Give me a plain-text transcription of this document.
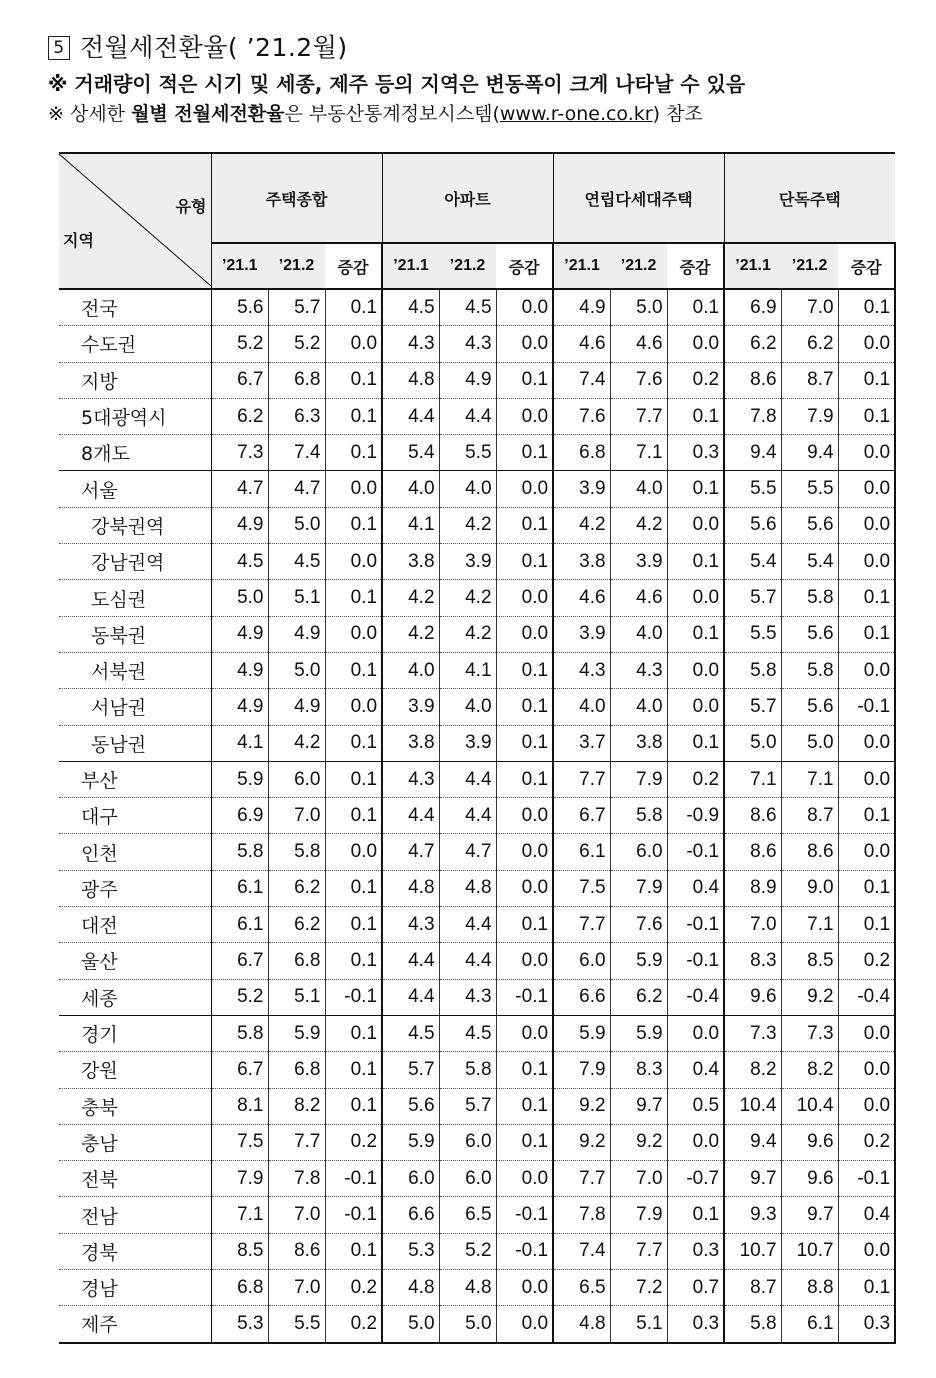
5 전월세전환율( ’21.2월)
※ 거래량이 적은 시기 및 세종, 제주 등의 지역은 변동폭이 크게 나타날 수 있음
※ 상세한 월별 전월세전환율은 부동산통계정보시스템(www.r-one.co.kr) 참조
유형
지역	주택종합			아파트			연립다세대주택			단독주택		
	’21.1	’21.2	증감	’21.1	’21.2	증감	’21.1	’21.2	증감	’21.1	’21.2	증감
전국	5.6	5.7	0.1	4.5	4.5	0.0	4.9	5.0	0.1	6.9	7.0	0.1
수도권	5.2	5.2	0.0	4.3	4.3	0.0	4.6	4.6	0.0	6.2	6.2	0.0
지방	6.7	6.8	0.1	4.8	4.9	0.1	7.4	7.6	0.2	8.6	8.7	0.1
5대광역시	6.2	6.3	0.1	4.4	4.4	0.0	7.6	7.7	0.1	7.8	7.9	0.1
8개도	7.3	7.4	0.1	5.4	5.5	0.1	6.8	7.1	0.3	9.4	9.4	0.0
서울	4.7	4.7	0.0	4.0	4.0	0.0	3.9	4.0	0.1	5.5	5.5	0.0
강북권역	4.9	5.0	0.1	4.1	4.2	0.1	4.2	4.2	0.0	5.6	5.6	0.0
강남권역	4.5	4.5	0.0	3.8	3.9	0.1	3.8	3.9	0.1	5.4	5.4	0.0
도심권	5.0	5.1	0.1	4.2	4.2	0.0	4.6	4.6	0.0	5.7	5.8	0.1
동북권	4.9	4.9	0.0	4.2	4.2	0.0	3.9	4.0	0.1	5.5	5.6	0.1
서북권	4.9	5.0	0.1	4.0	4.1	0.1	4.3	4.3	0.0	5.8	5.8	0.0
서남권	4.9	4.9	0.0	3.9	4.0	0.1	4.0	4.0	0.0	5.7	5.6	-0.1
동남권	4.1	4.2	0.1	3.8	3.9	0.1	3.7	3.8	0.1	5.0	5.0	0.0
부산	5.9	6.0	0.1	4.3	4.4	0.1	7.7	7.9	0.2	7.1	7.1	0.0
대구	6.9	7.0	0.1	4.4	4.4	0.0	6.7	5.8	-0.9	8.6	8.7	0.1
인천	5.8	5.8	0.0	4.7	4.7	0.0	6.1	6.0	-0.1	8.6	8.6	0.0
광주	6.1	6.2	0.1	4.8	4.8	0.0	7.5	7.9	0.4	8.9	9.0	0.1
대전	6.1	6.2	0.1	4.3	4.4	0.1	7.7	7.6	-0.1	7.0	7.1	0.1
울산	6.7	6.8	0.1	4.4	4.4	0.0	6.0	5.9	-0.1	8.3	8.5	0.2
세종	5.2	5.1	-0.1	4.4	4.3	-0.1	6.6	6.2	-0.4	9.6	9.2	-0.4
경기	5.8	5.9	0.1	4.5	4.5	0.0	5.9	5.9	0.0	7.3	7.3	0.0
강원	6.7	6.8	0.1	5.7	5.8	0.1	7.9	8.3	0.4	8.2	8.2	0.0
충북	8.1	8.2	0.1	5.6	5.7	0.1	9.2	9.7	0.5	10.4	10.4	0.0
충남	7.5	7.7	0.2	5.9	6.0	0.1	9.2	9.2	0.0	9.4	9.6	0.2
전북	7.9	7.8	-0.1	6.0	6.0	0.0	7.7	7.0	-0.7	9.7	9.6	-0.1
전남	7.1	7.0	-0.1	6.6	6.5	-0.1	7.8	7.9	0.1	9.3	9.7	0.4
경북	8.5	8.6	0.1	5.3	5.2	-0.1	7.4	7.7	0.3	10.7	10.7	0.0
경남	6.8	7.0	0.2	4.8	4.8	0.0	6.5	7.2	0.7	8.7	8.8	0.1
제주	5.3	5.5	0.2	5.0	5.0	0.0	4.8	5.1	0.3	5.8	6.1	0.3
